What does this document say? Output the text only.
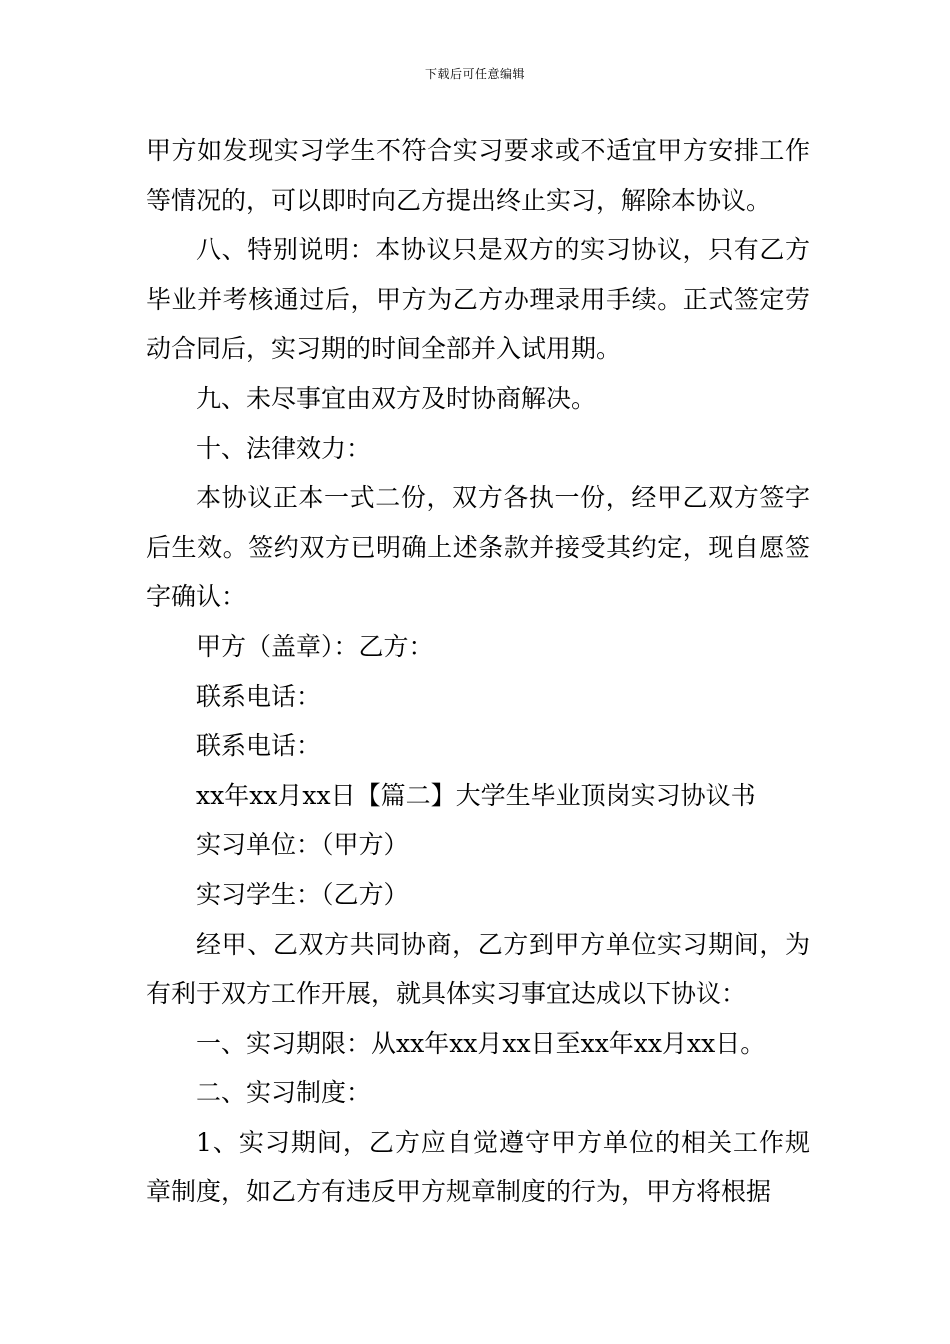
下载后可任意编辑

甲方如发现实习学生不符合实习要求或不适宜甲方安排工作等情况的，可以即时向乙方提出终止实习，解除本协议。

八、特别说明：本协议只是双方的实习协议，只有乙方毕业并考核通过后，甲方为乙方办理录用手续。正式签定劳动合同后，实习期的时间全部并入试用期。

九、未尽事宜由双方及时协商解决。

十、法律效力：

本协议正本一式二份，双方各执一份，经甲乙双方签字后生效。签约双方已明确上述条款并接受其约定，现自愿签字确认：

甲方（盖章）：乙方：

联系电话：

联系电话：

xx年xx月xx日【篇二】大学生毕业顶岗实习协议书

实习单位：（甲方）

实习学生：（乙方）

经甲、乙双方共同协商，乙方到甲方单位实习期间，为有利于双方工作开展，就具体实习事宜达成以下协议：

一、实习期限：从xx年xx月xx日至xx年xx月xx日。

二、实习制度：

1、实习期间，乙方应自觉遵守甲方单位的相关工作规章制度，如乙方有违反甲方规章制度的行为，甲方将根据
